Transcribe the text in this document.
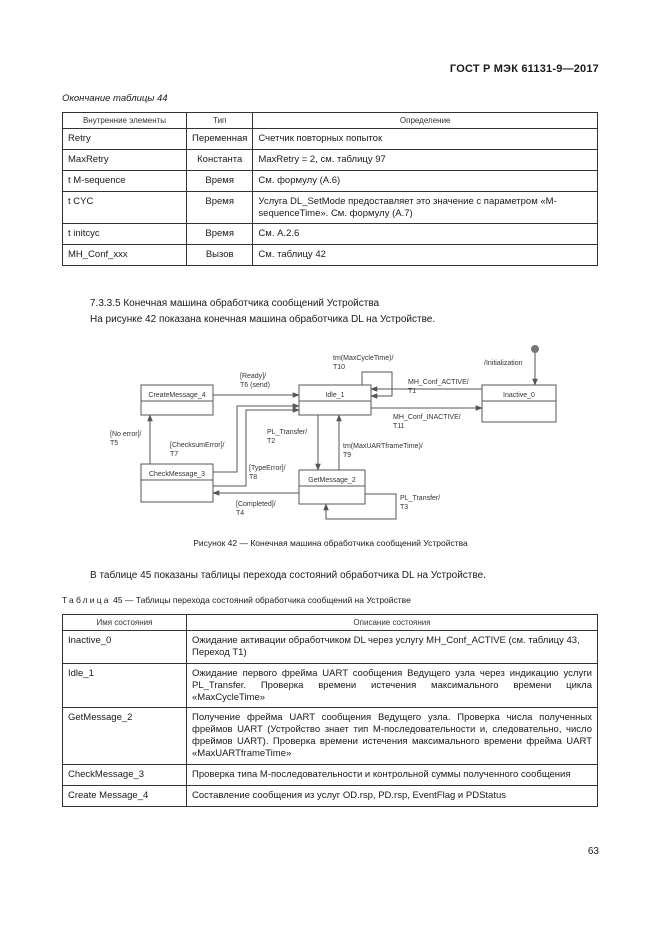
ГОСТ Р МЭК 61131-9—2017
Окончание таблицы 44
Внутренние элементы	Тип	Определение
Retry	Переменная	Счетчик повторных попыток
MaxRetry	Константа	MaxRetry = 2, см. таблицу 97
t M-sequence	Время	См. формулу (A.6)
t CYC	Время	Услуга DL_SetMode предоставляет это значение с параметром «M-sequenceTime». См. формулу (A.7)
t initcyc	Время	См. A.2.6
MH_Conf_xxx	Вызов	См. таблицу 42
7.3.3.5 Конечная машина обработчика сообщений Устройства
На рисунке 42 показана конечная машина обработчика DL на Устройстве.
CreateMessage_4	Idle_1	Inactive_0
CheckMessage_3
GetMessage_2
tm(MaxCycleTime)/
T10
/Initialization
[Ready]/
T6 (send)	MH_Conf_ACTIVE/
T1
MH_Conf_INACTIVE/
T11
[No error]/
T5	[ChecksumError]/
T7
PL_Transfer/
T2
tm(MaxUARTframeTime)/
T9
[TypeError]/
T8
[Completed]/
T4
PL_Transfer/
T3
Рисунок 42 — Конечная машина обработчика сообщений Устройства
В таблице 45 показаны таблицы перехода состояний обработчика DL на Устройстве.
Таблица 45 — Таблицы перехода состояний обработчика сообщений на Устройстве
Имя состояния	Описание состояния
Inactive_0	Ожидание активации обработчиком DL через услугу MH_Conf_ACTIVE (см. таблицу 43, Переход T1)
Idle_1	Ожидание первого фрейма UART сообщения Ведущего узла через индикацию услуги PL_Transfer. Проверка времени истечения максимального времени цикла «MaxCycleTime»
GetMessage_2	Получение фрейма UART сообщения Ведущего узла. Проверка числа полученных фреймов UART (Устройство знает тип M-последовательности и, следовательно, число фреймов UART). Проверка времени истечения максимального времени фрейма UART «MaxUARTframeTime»
CheckMessage_3	Проверка типа M-последовательности и контрольной суммы полученного сообщения
Create Message_4	Составление сообщения из услуг OD.rsp, PD.rsp, EventFlag и PDStatus
63
